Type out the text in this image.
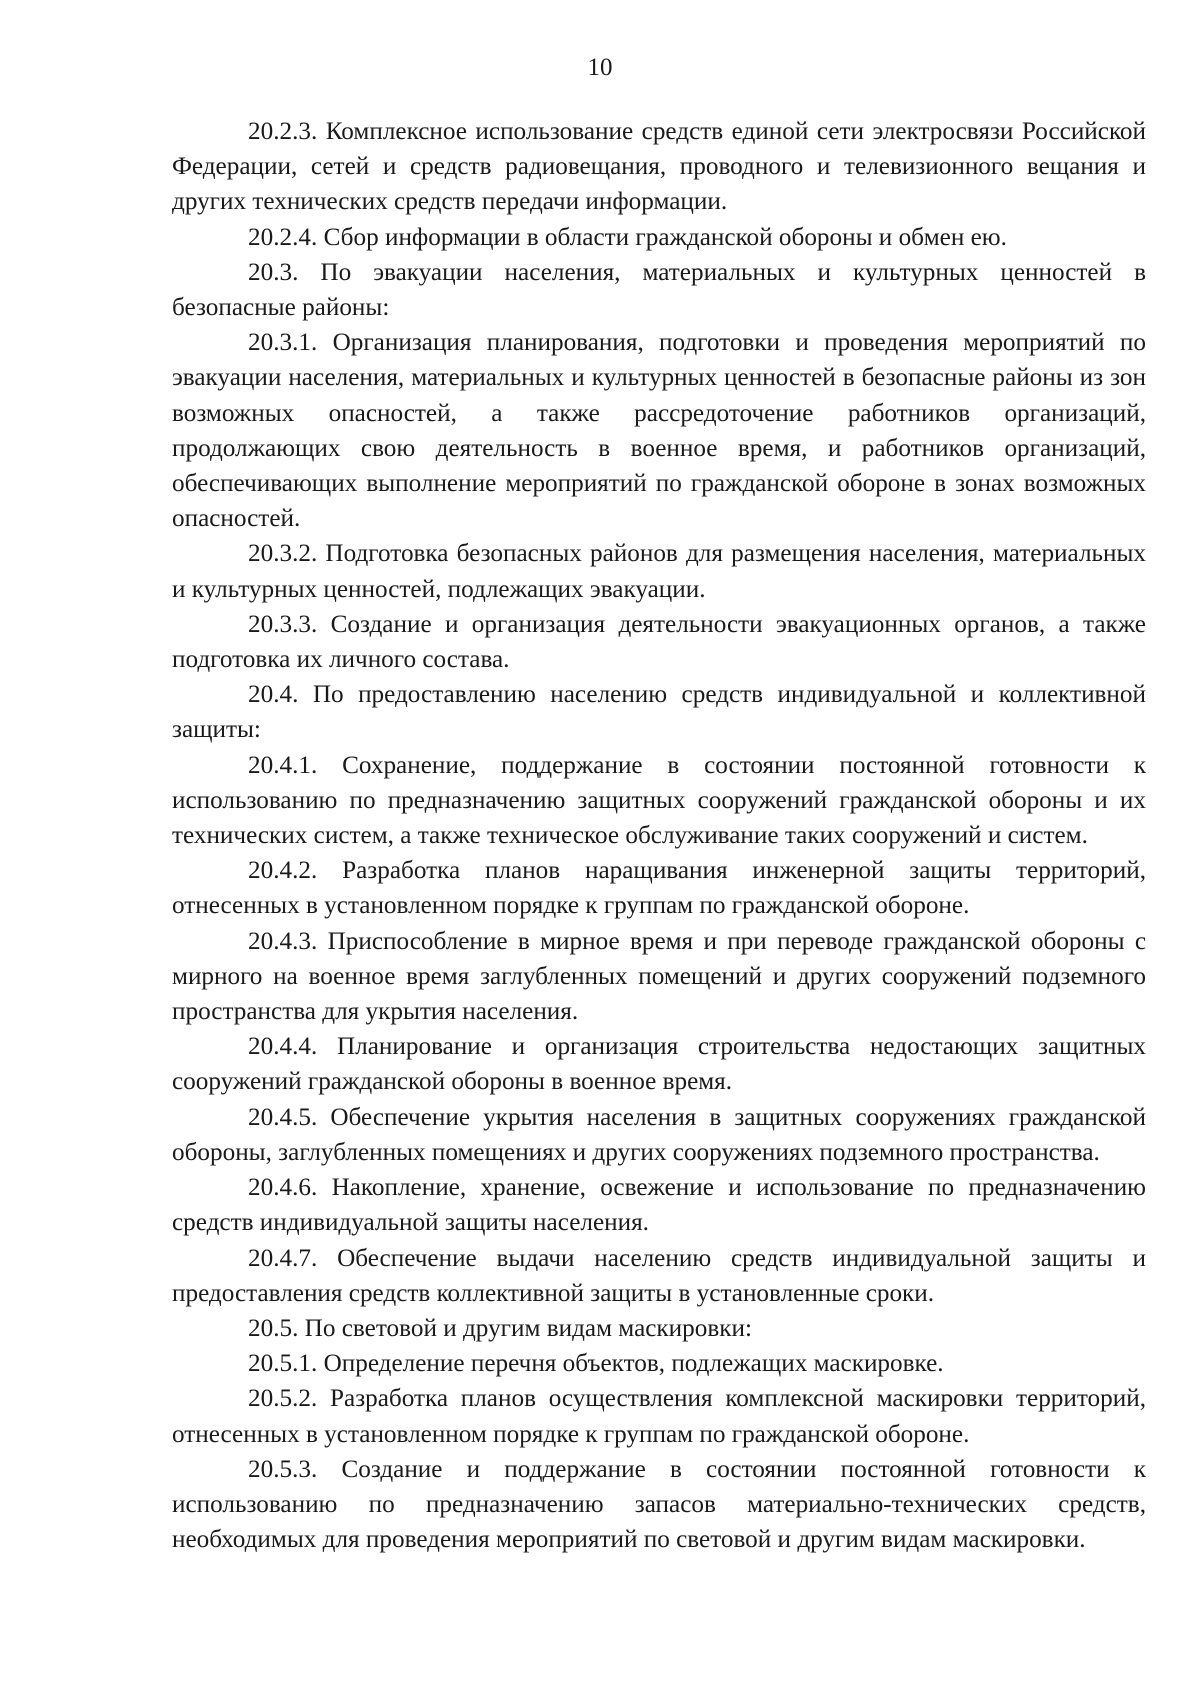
10

20.2.3. Комплексное использование средств единой сети электросвязи Российской Федерации, сетей и средств радиовещания, проводного и телевизионного вещания и других технических средств передачи информации.

20.2.4. Сбор информации в области гражданской обороны и обмен ею.

20.3. По эвакуации населения, материальных и культурных ценностей в безопасные районы:

20.3.1. Организация планирования, подготовки и проведения мероприятий по эвакуации населения, материальных и культурных ценностей в безопасные районы из зон возможных опасностей, а также рассредоточение работников организаций, продолжающих свою деятельность в военное время, и работников организаций, обеспечивающих выполнение мероприятий по гражданской обороне в зонах возможных опасностей.

20.3.2. Подготовка безопасных районов для размещения населения, материальных и культурных ценностей, подлежащих эвакуации.

20.3.3. Создание и организация деятельности эвакуационных органов, а также подготовка их личного состава.

20.4. По предоставлению населению средств индивидуальной и коллективной защиты:

20.4.1. Сохранение, поддержание в состоянии постоянной готовности к использованию по предназначению защитных сооружений гражданской обороны и их технических систем, а также техническое обслуживание таких сооружений и систем.

20.4.2. Разработка планов наращивания инженерной защиты территорий, отнесенных в установленном порядке к группам по гражданской обороне.

20.4.3. Приспособление в мирное время и при переводе гражданской обороны с мирного на военное время заглубленных помещений и других сооружений подземного пространства для укрытия населения.

20.4.4. Планирование и организация строительства недостающих защитных сооружений гражданской обороны в военное время.

20.4.5. Обеспечение укрытия населения в защитных сооружениях гражданской обороны, заглубленных помещениях и других сооружениях подземного пространства.

20.4.6. Накопление, хранение, освежение и использование по предназначению средств индивидуальной защиты населения.

20.4.7. Обеспечение выдачи населению средств индивидуальной защиты и предоставления средств коллективной защиты в установленные сроки.

20.5. По световой и другим видам маскировки:

20.5.1. Определение перечня объектов, подлежащих маскировке.

20.5.2. Разработка планов осуществления комплексной маскировки территорий, отнесенных в установленном порядке к группам по гражданской обороне.

20.5.3. Создание и поддержание в состоянии постоянной готовности к использованию по предназначению запасов материально-технических средств, необходимых для проведения мероприятий по световой и другим видам маскировки.
